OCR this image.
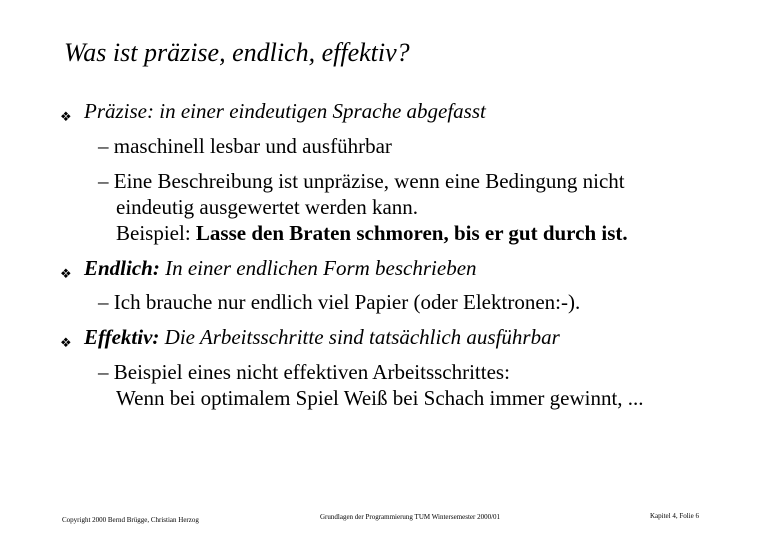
Was ist präzise, endlich, effektiv?
❖ Präzise: in einer eindeutigen Sprache abgefasst
– maschinell lesbar und ausführbar
– Eine Beschreibung ist unpräzise, wenn eine Bedingung nicht
eindeutig ausgewertet werden kann.
Beispiel: Lasse den Braten schmoren, bis er gut durch ist.
❖ Endlich: In einer endlichen Form beschrieben
– Ich brauche nur endlich viel Papier (oder Elektronen:-).
❖ Effektiv: Die Arbeitsschritte sind tatsächlich ausführbar
– Beispiel eines nicht effektiven Arbeitsschrittes:
Wenn bei optimalem Spiel Weiß bei Schach immer gewinnt, ...
Copyright 2000 Bernd Brügge, Christian Herzog	Grundlagen der Programmierung TUM Wintersemester 2000/01	Kapitel 4, Folie 6
